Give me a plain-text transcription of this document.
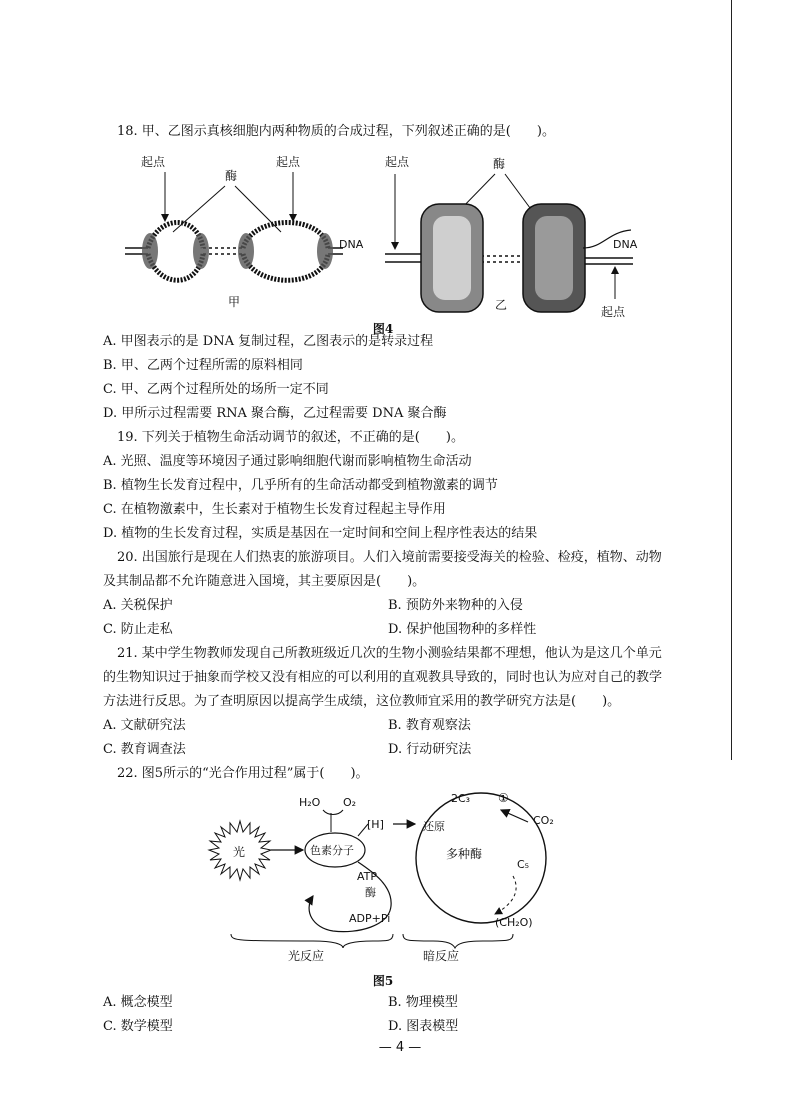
18. 甲、乙图示真核细胞内两种物质的合成过程，下列叙述正确的是(　　)。

起点	起点
酶
DNA
甲
起点	酶
DNA
起点
乙
图4

A. 甲图表示的是 DNA 复制过程，乙图表示的是转录过程

B. 甲、乙两个过程所需的原料相同

C. 甲、乙两个过程所处的场所一定不同

D. 甲所示过程需要 RNA 聚合酶，乙过程需要 DNA 聚合酶

19. 下列关于植物生命活动调节的叙述，不正确的是(　　)。

A. 光照、温度等环境因子通过影响细胞代谢而影响植物生命活动

B. 植物生长发育过程中，几乎所有的生命活动都受到植物激素的调节

C. 在植物激素中，生长素对于植物生长发育过程起主导作用

D. 植物的生长发育过程，实质是基因在一定时间和空间上程序性表达的结果

20. 出国旅行是现在人们热衷的旅游项目。人们入境前需要接受海关的检验、检疫，植物、动物及其制品都不允许随意进入国境，其主要原因是(　　)。

A. 关税保护	B. 预防外来物种的入侵

C. 防止走私	D. 保护他国物种的多样性

21. 某中学生物教师发现自己所教班级近几次的生物小测验结果都不理想，他认为是这几个单元的生物知识过于抽象而学校又没有相应的可以利用的直观教具导致的，同时也认为应对自己的教学方法进行反思。为了查明原因以提高学生成绩，这位教师宜采用的教学研究方法是(　　)。

A. 文献研究法	B. 教育观察法

C. 教育调查法	D. 行动研究法

22. 图5所示的“光合作用过程”属于(　　)。

光	色素分子
H₂O O₂
[H]
ATP
酶
ADP+Pi
还原
多种酶
2C₃ ①
CO₂
C₅
(CH₂O)
光反应	暗反应
图5

A. 概念模型	B. 物理模型

C. 数学模型	D. 图表模型

— 4 —
